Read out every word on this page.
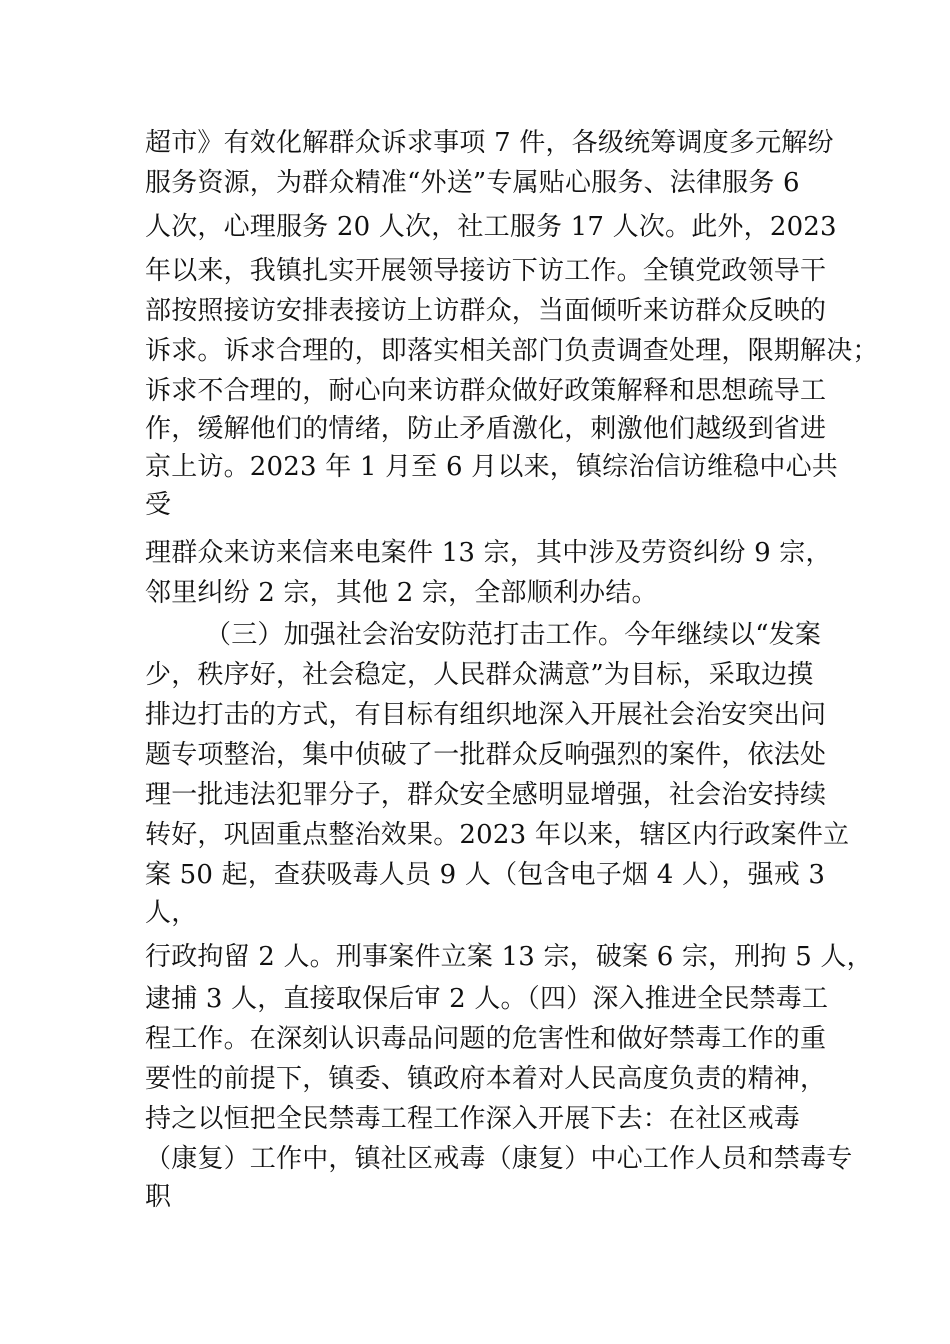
超市》有效化解群众诉求事项 7 件，各级统筹调度多元解纷
服务资源，为群众精准“外送”专属贴心服务、法律服务 6
人次，心理服务 20 人次，社工服务 17 人次。此外，2023
年以来，我镇扎实开展领导接访下访工作。全镇党政领导干
部按照接访安排表接访上访群众，当面倾听来访群众反映的
诉求。诉求合理的，即落实相关部门负责调查处理，限期解决；
诉求不合理的，耐心向来访群众做好政策解释和思想疏导工
作，缓解他们的情绪，防止矛盾激化，刺激他们越级到省进
京上访。2023 年 1 月至 6 月以来，镇综治信访维稳中心共
受
理群众来访来信来电案件 13 宗，其中涉及劳资纠纷 9 宗，
邻里纠纷 2 宗，其他 2 宗，全部顺利办结。
（三）加强社会治安防范打击工作。今年继续以“发案
少，秩序好，社会稳定，人民群众满意”为目标，采取边摸
排边打击的方式，有目标有组织地深入开展社会治安突出问
题专项整治，集中侦破了一批群众反响强烈的案件，依法处
理一批违法犯罪分子，群众安全感明显增强，社会治安持续
转好，巩固重点整治效果。2023 年以来，辖区内行政案件立
案 50 起，查获吸毒人员 9 人（包含电子烟 4 人），强戒 3
人，
行政拘留 2 人。刑事案件立案 13 宗，破案 6 宗，刑拘 5 人，
逮捕 3 人，直接取保后审 2 人。（四）深入推进全民禁毒工
程工作。在深刻认识毒品问题的危害性和做好禁毒工作的重
要性的前提下，镇委、镇政府本着对人民高度负责的精神，
持之以恒把全民禁毒工程工作深入开展下去：在社区戒毒
（康复）工作中，镇社区戒毒（康复）中心工作人员和禁毒专
职
